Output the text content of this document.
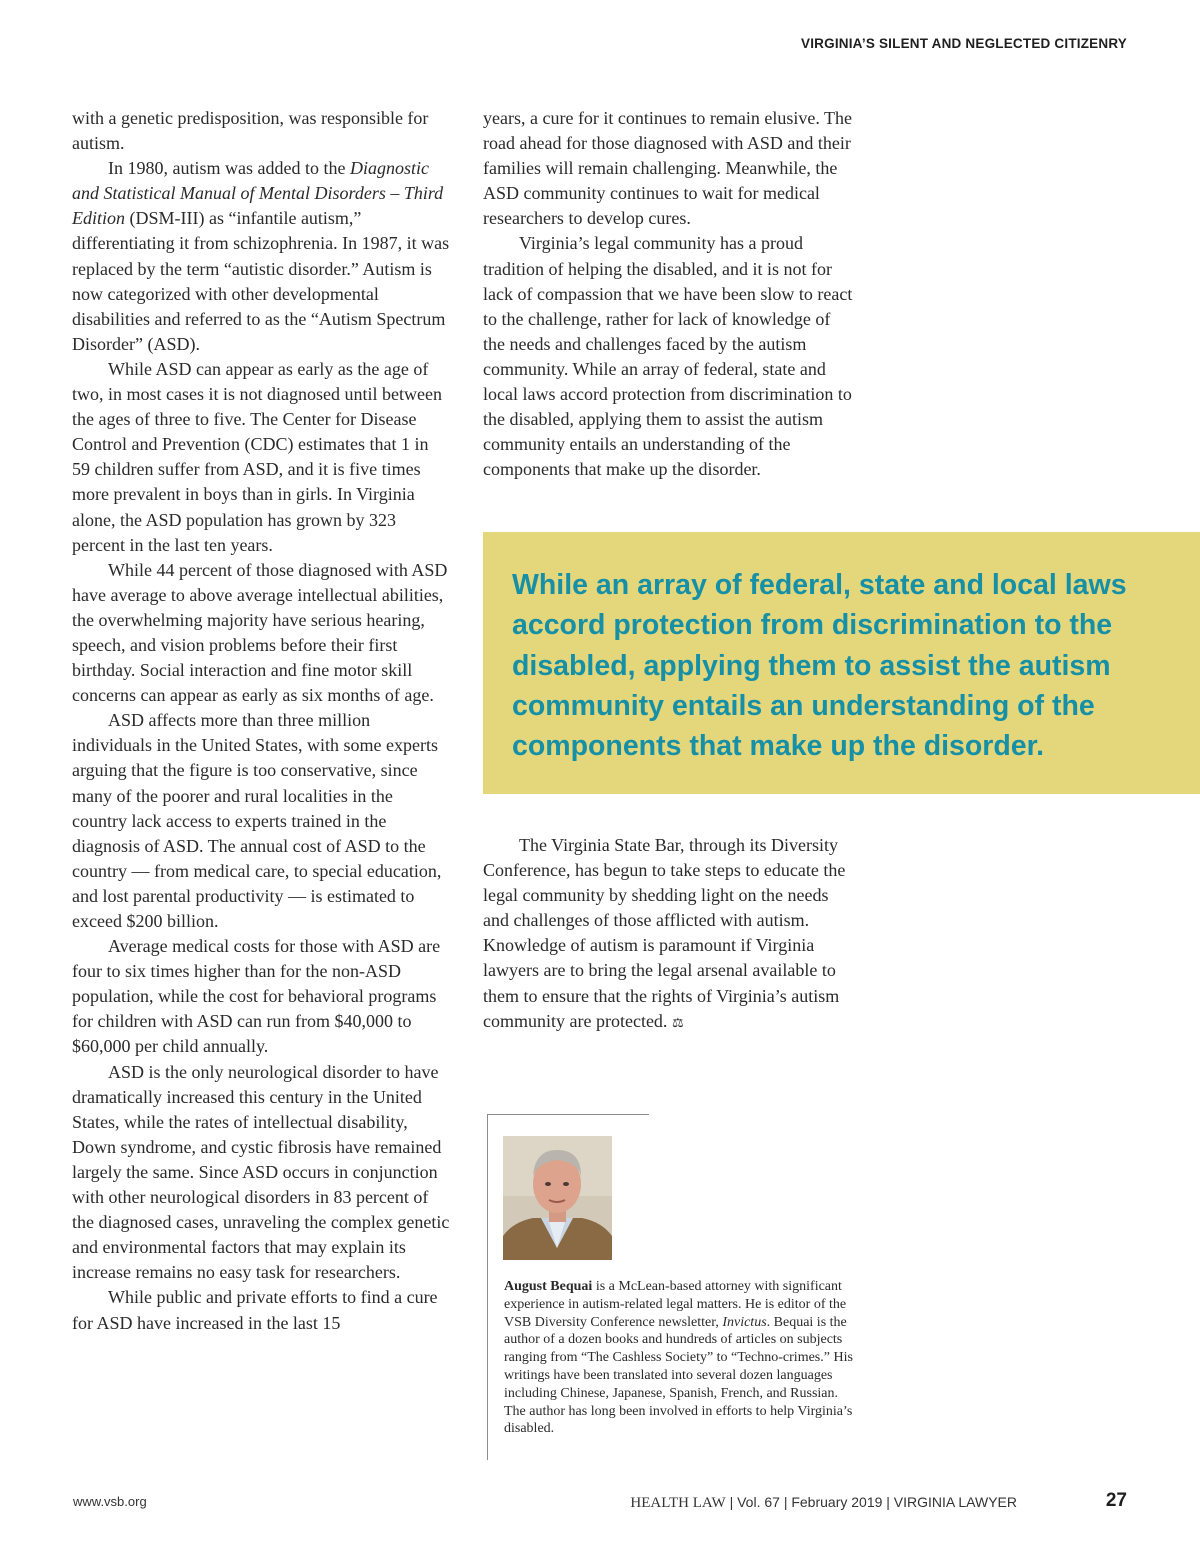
VIRGINIA’S SILENT AND NEGLECTED CITIZENRY

with a genetic predisposition, was responsible for autism.

In 1980, autism was added to the Diagnostic and Statistical Manual of Mental Disorders – Third Edition (DSM-III) as “infantile autism,” differentiating it from schizophrenia. In 1987, it was replaced by the term “autistic disorder.” Autism is now categorized with other developmental disabilities and referred to as the “Autism Spectrum Disorder” (ASD).

While ASD can appear as early as the age of two, in most cases it is not diagnosed until between the ages of three to five. The Center for Disease Control and Prevention (CDC) estimates that 1 in 59 children suffer from ASD, and it is five times more prevalent in boys than in girls. In Virginia alone, the ASD population has grown by 323 percent in the last ten years.

While 44 percent of those diagnosed with ASD have average to above average intellectual abilities, the overwhelming majority have serious hearing, speech, and vision problems before their first birthday. Social interaction and fine motor skill concerns can appear as early as six months of age.

ASD affects more than three million individuals in the United States, with some experts arguing that the figure is too conservative, since many of the poorer and rural localities in the country lack access to experts trained in the diagnosis of ASD. The annual cost of ASD to the country — from medical care, to special education, and lost parental productivity — is estimated to exceed $200 billion.

Average medical costs for those with ASD are four to six times higher than for the non-ASD population, while the cost for behavioral programs for children with ASD can run from $40,000 to $60,000 per child annually.

ASD is the only neurological disorder to have dramatically increased this century in the United States, while the rates of intellectual disability, Down syndrome, and cystic fibrosis have remained largely the same. Since ASD occurs in conjunction with other neurological disorders in 83 percent of the diagnosed cases, unraveling the complex genetic and environmental factors that may explain its increase remains no easy task for researchers.

While public and private efforts to find a cure for ASD have increased in the last 15

years, a cure for it continues to remain elusive. The road ahead for those diagnosed with ASD and their families will remain challenging. Meanwhile, the ASD community continues to wait for medical researchers to develop cures.

Virginia’s legal community has a proud tradition of helping the disabled, and it is not for lack of compassion that we have been slow to react to the challenge, rather for lack of knowledge of the needs and challenges faced by the autism community. While an array of federal, state and local laws accord protection from discrimination to the disabled, applying them to assist the autism community entails an understanding of the components that make up the disorder.

While an array of federal, state and local laws accord protection from discrimination to the disabled, applying them to assist the autism community entails an understanding of the components that make up the disorder.

The Virginia State Bar, through its Diversity Conference, has begun to take steps to educate the legal community by shedding light on the needs and challenges of those afflicted with autism. Knowledge of autism is paramount if Virginia lawyers are to bring the legal arsenal available to them to ensure that the rights of Virginia’s autism community are protected. ⚖

August Bequai is a McLean-based attorney with significant experience in autism-related legal matters. He is editor of the VSB Diversity Conference newsletter, Invictus. Bequai is the author of a dozen books and hundreds of articles on subjects ranging from “The Cashless Society” to “Techno-crimes.” His writings have been translated into several dozen languages including Chinese, Japanese, Spanish, French, and Russian. The author has long been involved in efforts to help Virginia’s disabled.

www.vsb.org	HEALTH LAW | Vol. 67 | February 2019 | VIRGINIA LAWYER	27
